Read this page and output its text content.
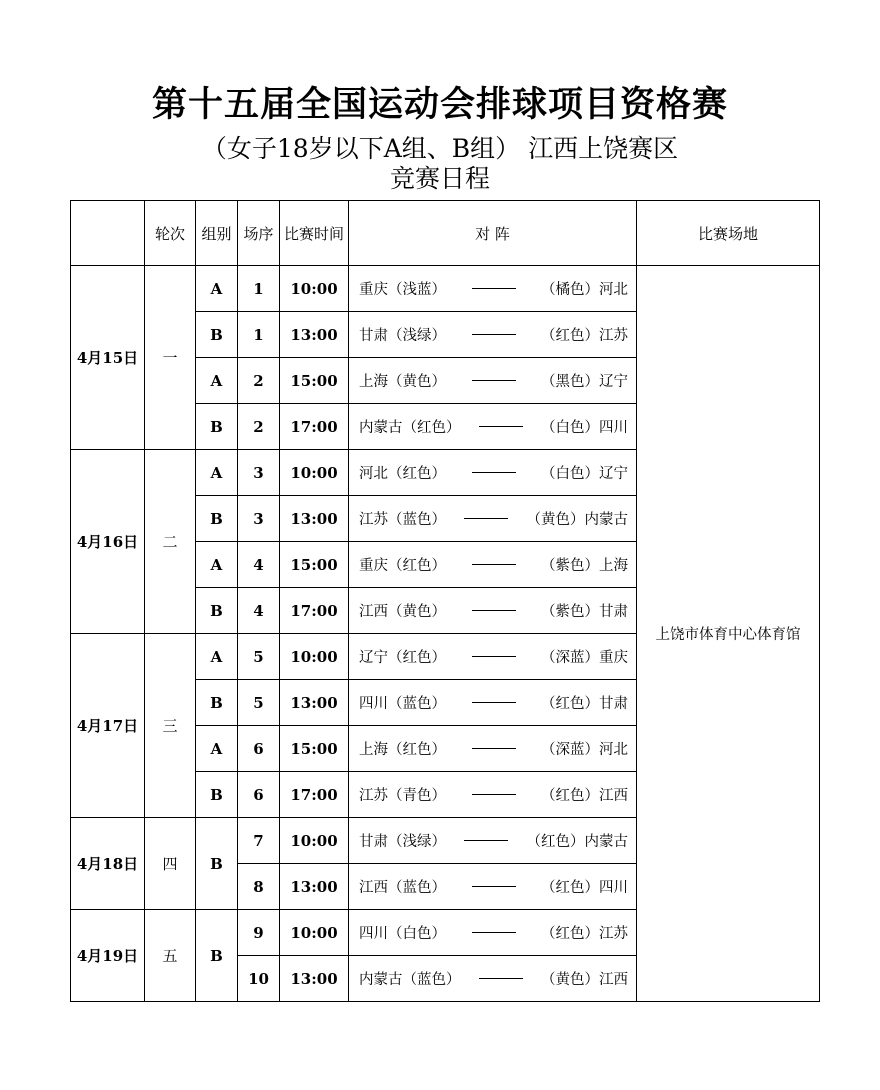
第十五届全国运动会排球项目资格赛
（女子18岁以下A组、B组） 江西上饶赛区
竞赛日程
	轮次	组别	场序	比赛时间	对 阵	比赛场地
4月15日	一	A	1	10:00	重庆（浅蓝） （橘色）河北	上饶市体育中心体育馆
		B	1	13:00	甘肃（浅绿） （红色）江苏	

		A	2	15:00	上海（黄色） （黑色）辽宁	

		B	2	17:00	内蒙古（红色） （白色）四川	

4月16日	二	A	3	10:00	河北（红色） （白色）辽宁	

		B	3	13:00	江苏（蓝色） （黄色）内蒙古	

		A	4	15:00	重庆（红色） （紫色）上海	

		B	4	17:00	江西（黄色） （紫色）甘肃	

4月17日	三	A	5	10:00	辽宁（红色） （深蓝）重庆	

		B	5	13:00	四川（蓝色） （红色）甘肃	

		A	6	15:00	上海（红色） （深蓝）河北	

		B	6	17:00	江苏（青色） （红色）江西	

4月18日	四	B	7	10:00	甘肃（浅绿） （红色）内蒙古	

			8	13:00	江西（蓝色） （红色）四川	

4月19日	五	B	9	10:00	四川（白色） （红色）江苏	

			10	13:00	内蒙古（蓝色） （黄色）江西	
